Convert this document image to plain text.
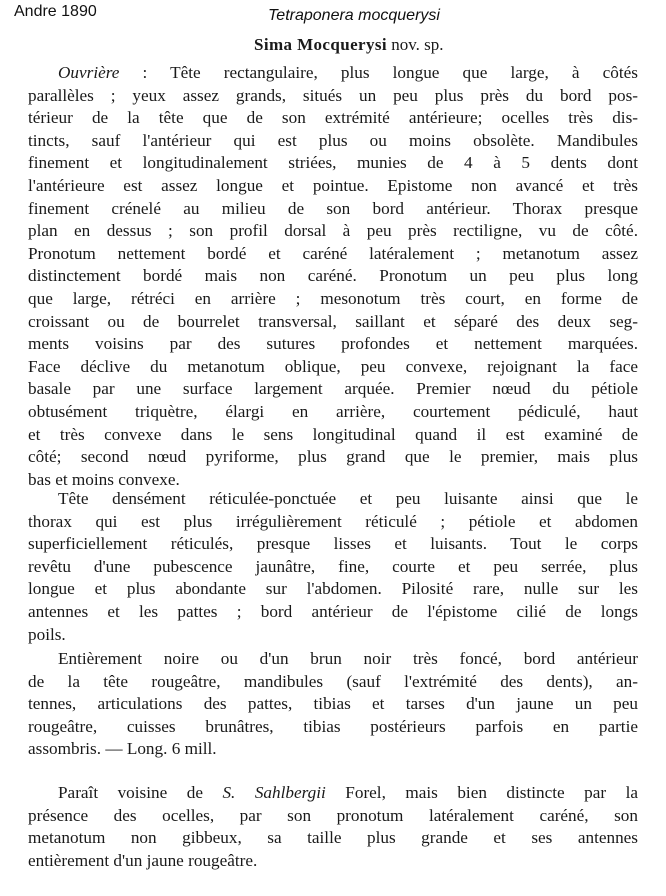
Andre 1890	Tetraponera mocquerysi
Sima Mocquerysi nov. sp.
Ouvrière : Tête rectangulaire, plus longue que large, à côtés
parallèles ; yeux assez grands, situés un peu plus près du bord pos-
térieur de la tête que de son extrémité antérieure; ocelles très dis-
tincts, sauf l'antérieur qui est plus ou moins obsolète. Mandibules
finement et longitudinalement striées, munies de 4 à 5 dents dont
l'antérieure est assez longue et pointue. Epistome non avancé et très
finement crénelé au milieu de son bord antérieur. Thorax presque
plan en dessus ; son profil dorsal à peu près rectiligne, vu de côté.
Pronotum nettement bordé et caréné latéralement ; metanotum assez
distinctement bordé mais non caréné. Pronotum un peu plus long
que large, rétréci en arrière ; mesonotum très court, en forme de
croissant ou de bourrelet transversal, saillant et séparé des deux seg-
ments voisins par des sutures profondes et nettement marquées.
Face déclive du metanotum oblique, peu convexe, rejoignant la face
basale par une surface largement arquée. Premier nœud du pétiole
obtusément triquètre, élargi en arrière, courtement pédiculé, haut
et très convexe dans le sens longitudinal quand il est examiné de
côté; second nœud pyriforme, plus grand que le premier, mais plus
bas et moins convexe.
Tête densément réticulée-ponctuée et peu luisante ainsi que le
thorax qui est plus irrégulièrement réticulé ; pétiole et abdomen
superficiellement réticulés, presque lisses et luisants. Tout le corps
revêtu d'une pubescence jaunâtre, fine, courte et peu serrée, plus
longue et plus abondante sur l'abdomen. Pilosité rare, nulle sur les
antennes et les pattes ; bord antérieur de l'épistome cilié de longs
poils.
Entièrement noire ou d'un brun noir très foncé, bord antérieur
de la tête rougeâtre, mandibules (sauf l'extrémité des dents), an-
tennes, articulations des pattes, tibias et tarses d'un jaune un peu
rougeâtre, cuisses brunâtres, tibias postérieurs parfois en partie
assombris. — Long. 6 mill.
Paraît voisine de S. Sahlbergii Forel, mais bien distincte par la
présence des ocelles, par son pronotum latéralement caréné, son
metanotum non gibbeux, sa taille plus grande et ses antennes
entièrement d'un jaune rougeâtre.
